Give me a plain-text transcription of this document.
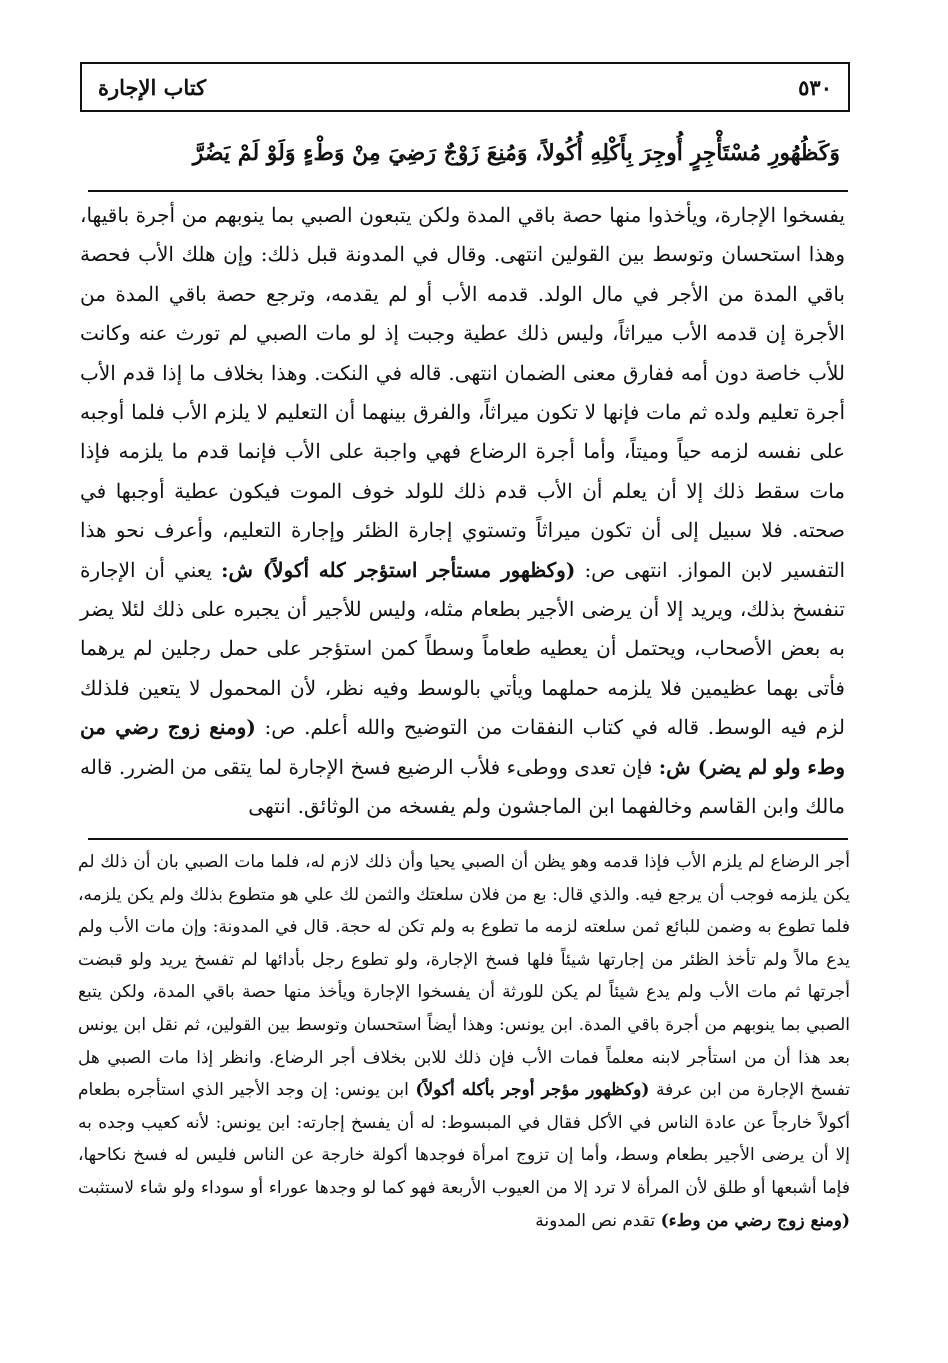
٥٣٠
كتاب الإجارة
وَكَظُهُورِ مُسْتَأْجِرٍ أُوجِرَ بِأَكْلِهِ أُكُولاً، وَمُنِعَ زَوْجٌ رَضِيَ مِنْ وَطْءٍ وَلَوْ لَمْ يَضُرَّ

يفسخوا الإجارة، ويأخذوا منها حصة باقي المدة ولكن يتبعون الصبي بما ينوبهم من أجرة باقيها، وهذا استحسان وتوسط بين القولين انتهى. وقال في المدونة قبل ذلك: وإن هلك الأب فحصة باقي المدة من الأجر في مال الولد. قدمه الأب أو لم يقدمه، وترجع حصة باقي المدة من الأجرة إن قدمه الأب ميراثاً، وليس ذلك عطية وجبت إذ لو مات الصبي لم تورث عنه وكانت للأب خاصة دون أمه ففارق معنى الضمان انتهى. قاله في النكت. وهذا بخلاف ما إذا قدم الأب أجرة تعليم ولده ثم مات فإنها لا تكون ميراثاً، والفرق بينهما أن التعليم لا يلزم الأب فلما أوجبه على نفسه لزمه حياً وميتاً، وأما أجرة الرضاع فهي واجبة على الأب فإنما قدم ما يلزمه فإذا مات سقط ذلك إلا أن يعلم أن الأب قدم ذلك للولد خوف الموت فيكون عطية أوجبها في صحته. فلا سبيل إلى أن تكون ميراثاً وتستوي إجارة الظئر وإجارة التعليم، وأعرف نحو هذا التفسير لابن المواز. انتهى ص: (وكظهور مستأجر استؤجر كله أكولاً) ش: يعني أن الإجارة تنفسخ بذلك، ويريد إلا أن يرضى الأجير بطعام مثله، وليس للأجير أن يجبره على ذلك لئلا يضر به بعض الأصحاب، ويحتمل أن يعطيه طعاماً وسطاً كمن استؤجر على حمل رجلين لم يرهما فأتى بهما عظيمين فلا يلزمه حملهما ويأتي بالوسط وفيه نظر، لأن المحمول لا يتعين فلذلك لزم فيه الوسط. قاله في كتاب النفقات من التوضيح والله أعلم. ص: (ومنع زوج رضي من وطء ولو لم يضر) ش: فإن تعدى ووطىء فلأب الرضيع فسخ الإجارة لما يتقى من الضرر. قاله مالك وابن القاسم وخالفهما ابن الماجشون ولم يفسخه من الوثائق. انتهى

أجر الرضاع لم يلزم الأب فإذا قدمه وهو يظن أن الصبي يحيا وأن ذلك لازم له، فلما مات الصبي بان أن ذلك لم يكن يلزمه فوجب أن يرجع فيه. والذي قال: بع من فلان سلعتك والثمن لك علي هو متطوع بذلك ولم يكن يلزمه، فلما تطوع به وضمن للبائع ثمن سلعته لزمه ما تطوع به ولم تكن له حجة. قال في المدونة: وإن مات الأب ولم يدع مالاً ولم تأخذ الظئر من إجارتها شيئاً فلها فسخ الإجارة، ولو تطوع رجل بأدائها لم تفسخ يريد ولو قبضت أجرتها ثم مات الأب ولم يدع شيئاً لم يكن للورثة أن يفسخوا الإجارة ويأخذ منها حصة باقي المدة، ولكن يتبع الصبي بما ينوبهم من أجرة باقي المدة. ابن يونس: وهذا أيضاً استحسان وتوسط بين القولين، ثم نقل ابن يونس بعد هذا أن من استأجر لابنه معلماً فمات الأب فإن ذلك للابن بخلاف أجر الرضاع. وانظر إذا مات الصبي هل تفسخ الإجارة من ابن عرفة (وكظهور مؤجر أوجر بأكله أكولاً) ابن يونس: إن وجد الأجير الذي استأجره بطعام أكولاً خارجاً عن عادة الناس في الأكل فقال في المبسوط: له أن يفسخ إجارته: ابن يونس: لأنه كعيب وجده به إلا أن يرضى الأجير بطعام وسط، وأما إن تزوج امرأة فوجدها أكولة خارجة عن الناس فليس له فسخ نكاحها، فإما أشبعها أو طلق لأن المرأة لا ترد إلا من العيوب الأربعة فهو كما لو وجدها عوراء أو سوداء ولو شاء لاستثبت (ومنع زوج رضي من وطء) تقدم نص المدونة
